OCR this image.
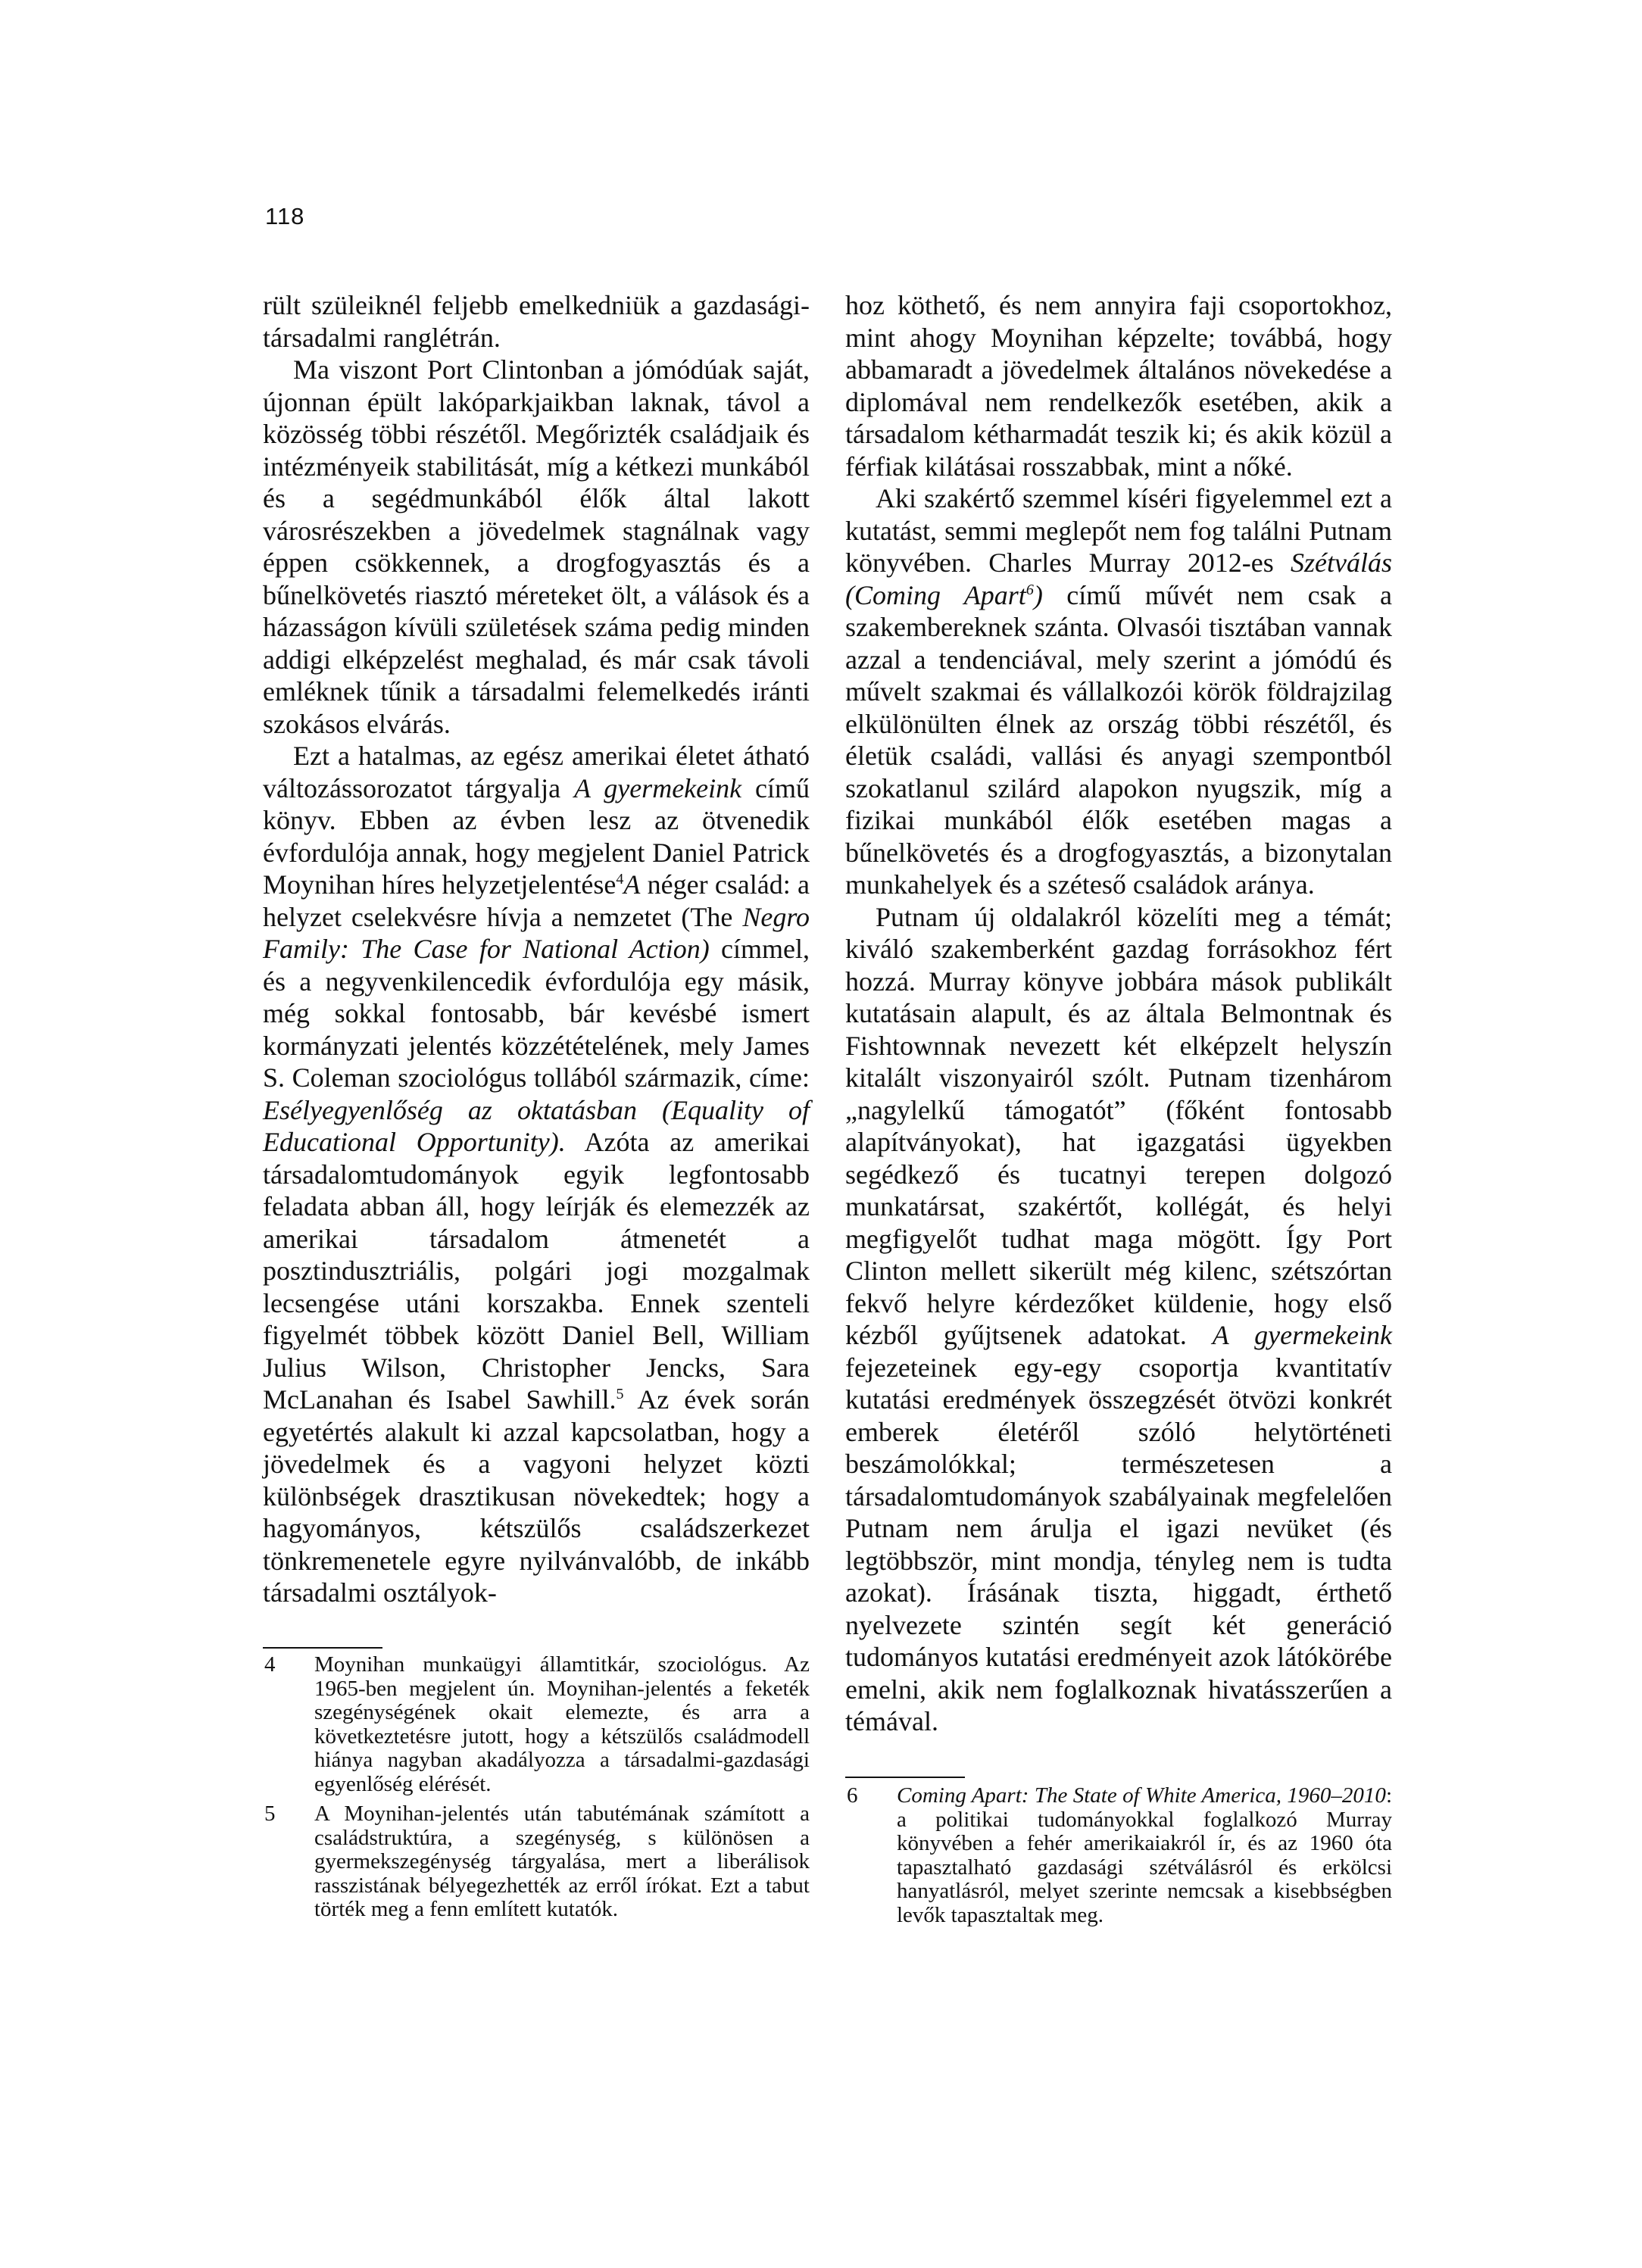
118

rült szüleiknél feljebb emelkedniük a gazdasági-társadalmi ranglétrán.

Ma viszont Port Clintonban a jómódúak saját, újonnan épült lakóparkjaikban laknak, távol a közösség többi részétől. Megőrizték családjaik és intézményeik stabilitását, míg a kétkezi munkából és a segédmunkából élők által lakott városrészekben a jövedelmek stagnálnak vagy éppen csökkennek, a drogfogyasztás és a bűnelkövetés riasztó méreteket ölt, a válások és a házasságon kívüli születések száma pedig minden addigi elképzelést meghalad, és már csak távoli emléknek tűnik a társadalmi felemelkedés iránti szokásos elvárás.

Ezt a hatalmas, az egész amerikai életet átható változássorozatot tárgyalja A gyermekeink című könyv. Ebben az évben lesz az ötvenedik évfordulója annak, hogy megjelent Daniel Patrick Moynihan híres helyzetjelentése$^4$A néger család: a helyzet cselekvésre hívja a nemzetet (The Negro Family: The Case for National Action) címmel, és a negyvenkilencedik évfordulója egy másik, még sokkal fontosabb, bár kevésbé ismert kormányzati jelentés közzétételének, mely James S. Coleman szociológus tollából származik, címe: Esélyegyenlőség az oktatásban (Equality of Educational Opportunity). Azóta az amerikai társadalomtudományok egyik legfontosabb feladata abban áll, hogy leírják és elemezzék az amerikai társadalom átmenetét a posztindusztriális, polgári jogi mozgalmak lecsengése utáni korszakba. Ennek szenteli figyelmét többek között Daniel Bell, William Julius Wilson, Christopher Jencks, Sara McLanahan és Isabel Sawhill.$^5$ Az évek során egyetértés alakult ki azzal kapcsolatban, hogy a jövedelmek és a vagyoni helyzet közti különbségek drasztikusan növekedtek; hogy a hagyományos, kétszülős családszerkezet tönkremenetele egyre nyilvánvalóbb, de inkább társadalmi osztályok-

4	Moynihan munkaügyi államtitkár, szociológus. Az 1965-ben megjelent ún. Moynihan-jelentés a feketék szegénységének okait elemezte, és arra a következtetésre jutott, hogy a kétszülős családmodell hiánya nagyban akadályozza a társadalmi-gazdasági egyenlőség elérését.
5	A Moynihan-jelentés után tabutémának számított a családstruktúra, a szegénység, s különösen a gyermekszegénység tárgyalása, mert a liberálisok rasszistának bélyegezhették az erről írókat. Ezt a tabut törték meg a fenn említett kutatók.

hoz köthető, és nem annyira faji csoportokhoz, mint ahogy Moynihan képzelte; továbbá, hogy abbamaradt a jövedelmek általános növekedése a diplomával nem rendelkezők esetében, akik a társadalom kétharmadát teszik ki; és akik közül a férfiak kilátásai rosszabbak, mint a nőké.

Aki szakértő szemmel kíséri figyelemmel ezt a kutatást, semmi meglepőt nem fog találni Putnam könyvében. Charles Murray 2012-es Szétválás (Coming Apart$^6$) című művét nem csak a szakembereknek szánta. Olvasói tisztában vannak azzal a tendenciával, mely szerint a jómódú és művelt szakmai és vállalkozói körök földrajzilag elkülönülten élnek az ország többi részétől, és életük családi, vallási és anyagi szempontból szokatlanul szilárd alapokon nyugszik, míg a fizikai munkából élők esetében magas a bűnelkövetés és a drogfogyasztás, a bizonytalan munkahelyek és a széteső családok aránya.

Putnam új oldalakról közelíti meg a témát; kiváló szakemberként gazdag forrásokhoz fért hozzá. Murray könyve jobbára mások publikált kutatásain alapult, és az általa Belmontnak és Fishtownnak nevezett két elképzelt helyszín kitalált viszonyairól szólt. Putnam tizenhárom „nagylelkű támogatót” (főként fontosabb alapítványokat), hat igazgatási ügyekben segédkező és tucatnyi terepen dolgozó munkatársat, szakértőt, kollégát, és helyi megfigyelőt tudhat maga mögött. Így Port Clinton mellett sikerült még kilenc, szétszórtan fekvő helyre kérdezőket küldenie, hogy első kézből gyűjtsenek adatokat. A gyermekeink fejezeteinek egy-egy csoportja kvantitatív kutatási eredmények összegzését ötvözi konkrét emberek életéről szóló helytörténeti beszámolókkal; természetesen a társadalomtudományok szabályainak megfelelően Putnam nem árulja el igazi nevüket (és legtöbbször, mint mondja, tényleg nem is tudta azokat). Írásának tiszta, higgadt, érthető nyelvezete szintén segít két generáció tudományos kutatási eredményeit azok látókörébe emelni, akik nem foglalkoznak hivatásszerűen a témával.

6	Coming Apart: The State of White America, 1960–2010: a politikai tudományokkal foglalkozó Murray könyvében a fehér amerikaiakról ír, és az 1960 óta tapasztalható gazdasági szétválásról és erkölcsi hanyatlásról, melyet szerinte nemcsak a kisebbségben levők tapasztaltak meg.
